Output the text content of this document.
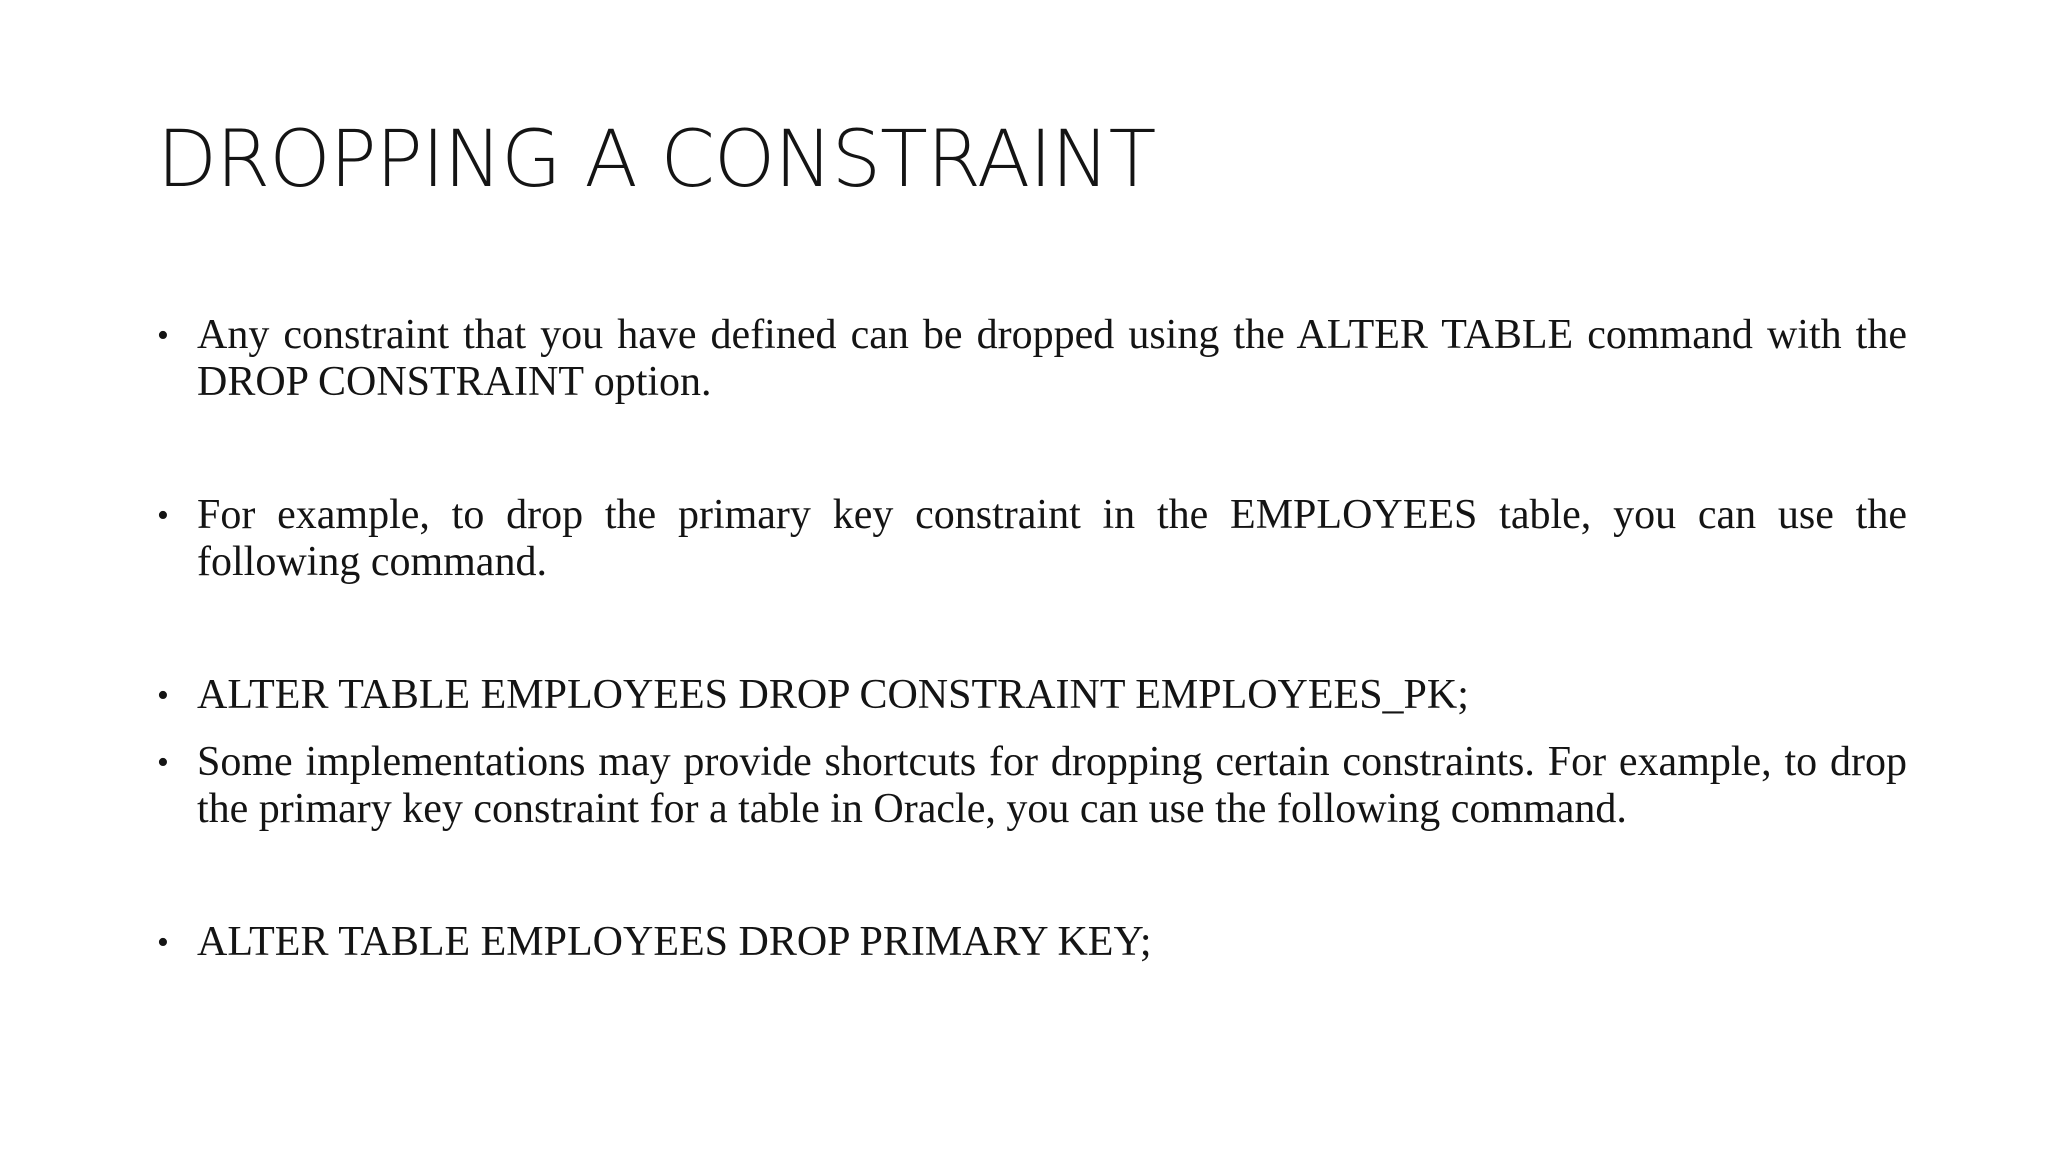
DROPPING A CONSTRAINT
• Any constraint that you have defined can be dropped using the ALTER TABLE command with the DROP CONSTRAINT option.
• For example, to drop the primary key constraint in the EMPLOYEES table, you can use the following command.
• ALTER TABLE EMPLOYEES DROP CONSTRAINT EMPLOYEES_PK;
• Some implementations may provide shortcuts for dropping certain constraints. For example, to drop the primary key constraint for a table in Oracle, you can use the following command.
• ALTER TABLE EMPLOYEES DROP PRIMARY KEY;
